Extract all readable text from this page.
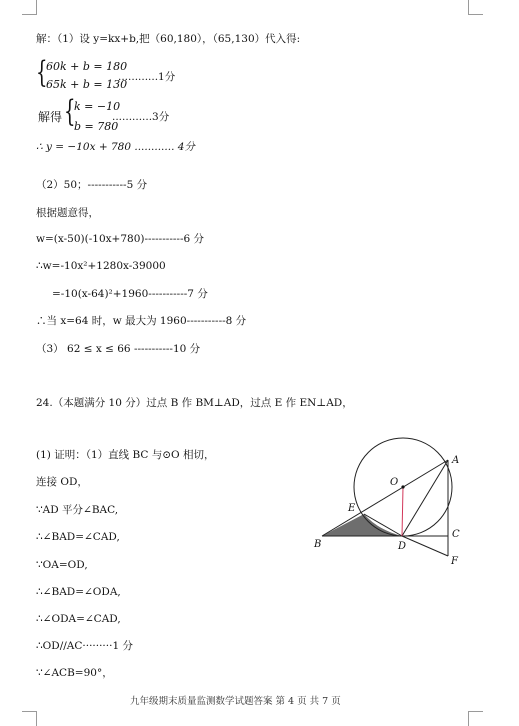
解：（1）设 y=kx+b,把（60,180），（65,130）代入得:
{
60k + b = 180
65k + b = 130
............1分
解得 {
k = −10
b = 780
............3分
∴ y = −10x + 780 ............ 4分
（2）50；-----------5 分
根据题意得，
w=(x-50)(-10x+780)-----------6 分
∴w=-10x²+1280x-39000
=-10(x-64)²+1960-----------7 分
∴当 x=64 时，w 最大为 1960-----------8 分
（3） 62 ≤ x ≤ 66 -----------10 分
24.（本题满分 10 分）过点 B 作 BM⊥AD，过点 E 作 EN⊥AD，
(1) 证明：（1）直线 BC 与⊙O 相切，
连接 OD，
∵AD 平分∠BAC,
∴∠BAD=∠CAD,
∵OA=OD,
∴∠BAD=∠ODA,
∴∠ODA=∠CAD,
∴OD//AC·········1 分
∵∠ACB=90°，
A
O
E
B	D
C
F
九年级期末质量监测数学试题答案 第 4 页 共 7 页
